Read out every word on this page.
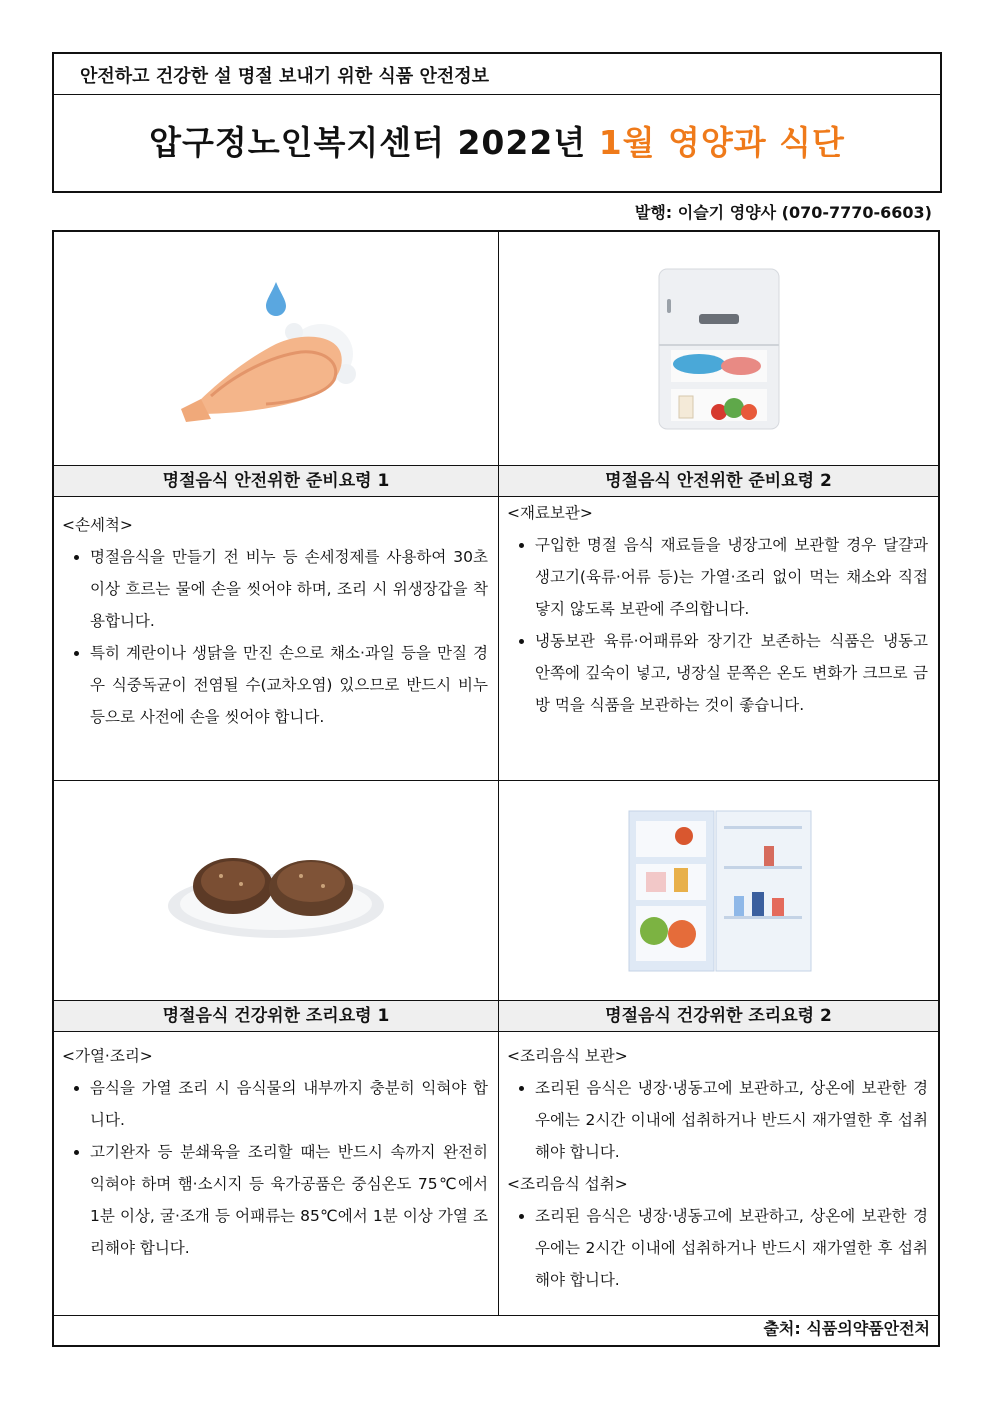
안전하고 건강한 설 명절 보내기 위한 식품 안전정보
압구정노인복지센터 2022년 1월 영양과 식단
발행: 이슬기 영양사 (070-7770-6603)
명절음식 안전위한 준비요령 1	명절음식 안전위한 준비요령 2
<손세척>
• 명절음식을 만들기 전 비누 등 손세정제를 사용하여 30초 이상 흐르는 물에 손을 씻어야 하며, 조리 시 위생장갑을 착용합니다.
• 특히 계란이나 생닭을 만진 손으로 채소·과일 등을 만질 경우 식중독균이 전염될 수(교차오염) 있으므로 반드시 비누 등으로 사전에 손을 씻어야 합니다.
<재료보관>
• 구입한 명절 음식 재료들을 냉장고에 보관할 경우 달걀과 생고기(육류·어류 등)는 가열·조리 없이 먹는 채소와 직접 닿지 않도록 보관에 주의합니다.
• 냉동보관 육류·어패류와 장기간 보존하는 식품은 냉동고 안쪽에 깊숙이 넣고, 냉장실 문쪽은 온도 변화가 크므로 금방 먹을 식품을 보관하는 것이 좋습니다.
명절음식 건강위한 조리요령 1	명절음식 건강위한 조리요령 2
<가열·조리>
• 음식을 가열 조리 시 음식물의 내부까지 충분히 익혀야 합니다.
• 고기완자 등 분쇄육을 조리할 때는 반드시 속까지 완전히 익혀야 하며 햄·소시지 등 육가공품은 중심온도 75℃에서 1분 이상, 굴·조개 등 어패류는 85℃에서 1분 이상 가열 조리해야 합니다.
<조리음식 보관>
• 조리된 음식은 냉장·냉동고에 보관하고, 상온에 보관한 경우에는 2시간 이내에 섭취하거나 반드시 재가열한 후 섭취해야 합니다.
<조리음식 섭취>
• 조리된 음식은 냉장·냉동고에 보관하고, 상온에 보관한 경우에는 2시간 이내에 섭취하거나 반드시 재가열한 후 섭취해야 합니다.
출처: 식품의약품안전처
